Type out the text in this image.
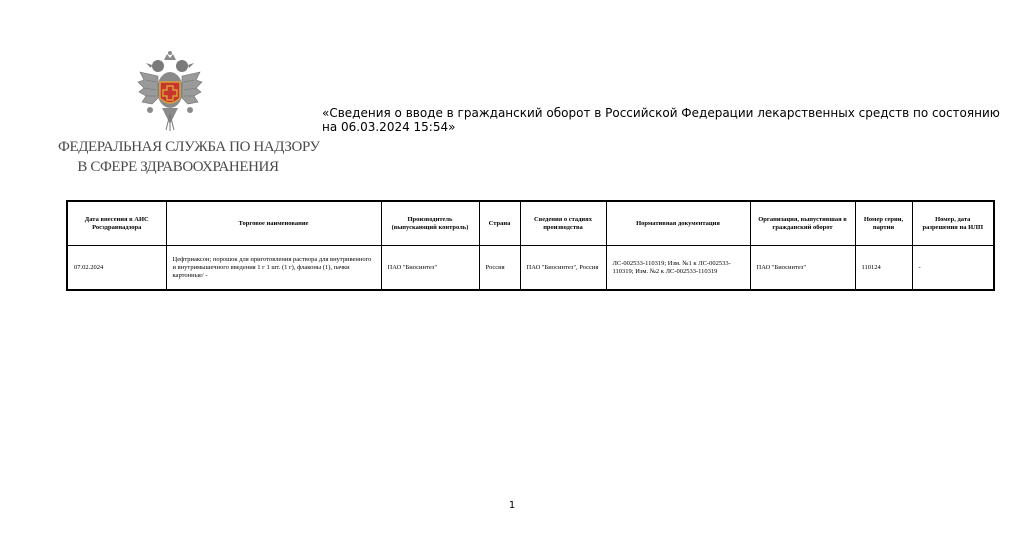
ФЕДЕРАЛЬНАЯ СЛУЖБА ПО НАДЗОРУ
В СФЕРЕ ЗДРАВООХРАНЕНИЯ
«Сведения о вводе в гражданский оборот в Российской Федерации лекарственных средств по состоянию на 06.03.2024 15:54»
Дата внесения в АИС Росздравнадзора	Торговое наименование	Производитель (выпускающий контроль)	Страна	Сведения о стадиях производства	Нормативная документация	Организация, выпустившая в гражданский оборот	Номер серии, партии	Номер, дата разрешения на ИЛП
07.02.2024	Цефтриаксон; порошок для приготовления раствора для внутривенного и внутримышечного введения 1 г 1 шт. (1 г), флаконы (1), пачки картонные/ -	ПАО "Биосинтез"	Россия	ПАО "Биосинтез", Россия	ЛС-002533-110319; Изм. №1 к ЛС-002533-110319; Изм. №2 к ЛС-002533-110319	ПАО "Биосинтез"	110124	-
1
